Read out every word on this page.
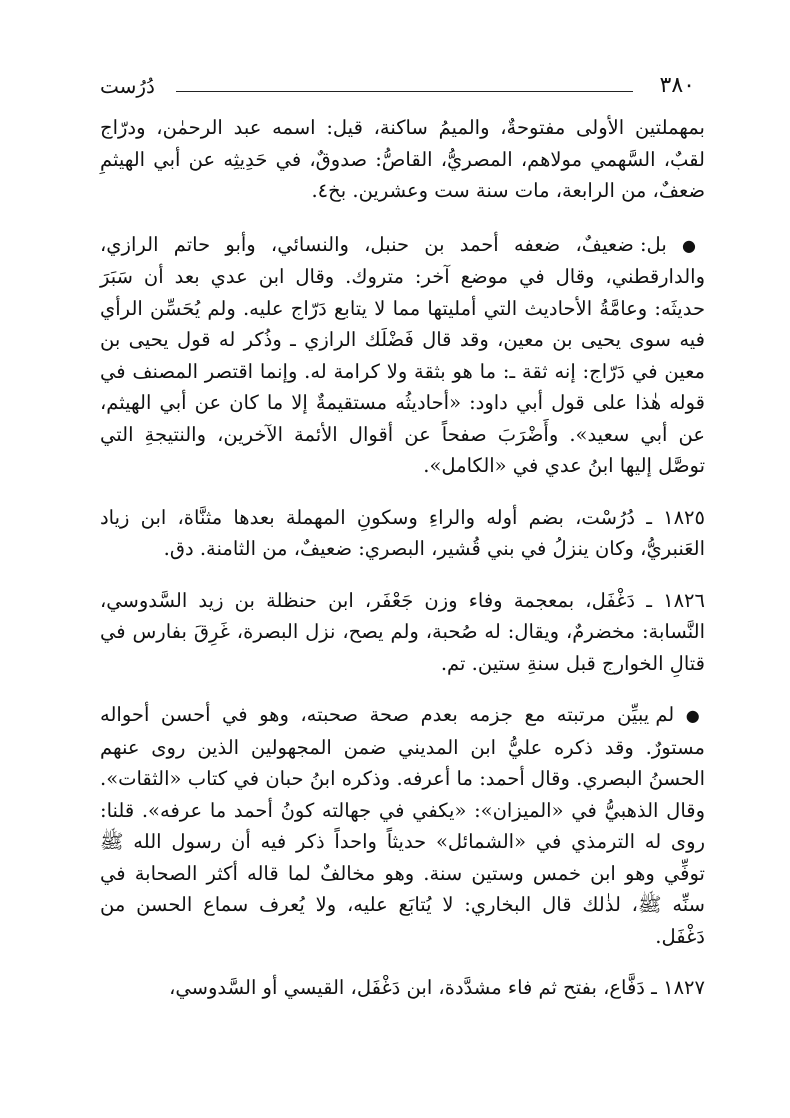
٣٨٠
دُرُست

بمهملتين الأولى مفتوحةٌ، والميمُ ساكنة، قيل: اسمه عبد الرحمٰن، ودرّاج لقبٌ، السَّهمي مولاهم، المصريُّ، القاصُّ: صدوقٌ، في حَدِيثِه عن أبي الهيثمِ ضعفٌ، من الرابعة، مات سنة ست وعشرين. بخ٤.

● بل: ضعيفٌ، ضعفه أحمد بن حنبل، والنسائي، وأبو حاتم الرازي، والدارقطني، وقال في موضع آخر: متروك. وقال ابن عدي بعد أن سَبَرَ حديثَه: وعامَّةُ الأحاديث التي أمليتها مما لا يتابع دَرّاج عليه. ولم يُحَسِّن الرأي فيه سوى يحيى بن معين، وقد قال فَضْلَك الرازي ـ وذُكر له قول يحيى بن معين في دَرّاج: إنه ثقة ـ: ما هو بثقة ولا كرامة له. وإنما اقتصر المصنف في قوله هٰذا على قول أبي داود: «أحاديثُه مستقيمةٌ إلا ما كان عن أبي الهيثم، عن أبي سعيد». وأَضْرَبَ صفحاً عن أقوال الأئمة الآخرين، والنتيجةِ التي توصَّل إليها ابنُ عدي في «الكامل».

١٨٢٥ ـ دُرُسْت، بضم أوله والراءِ وسكونِ المهملة بعدها مثنَّاة، ابن زياد العَنبريُّ، وكان ينزلُ في بني قُشير، البصري: ضعيفٌ، من الثامنة. دق.

١٨٢٦ ـ دَغْفَل، بمعجمة وفاء وزن جَعْفَر، ابن حنظلة بن زيد السَّدوسي، النَّسابة: مخضرمٌ، ويقال: له صُحبة، ولم يصح، نزل البصرة، غَرِقَ بفارس في قتالِ الخوارج قبل سنةِ ستين. تم.

● لم يبيِّن مرتبته مع جزمه بعدم صحة صحبته، وهو في أحسن أحواله مستورٌ. وقد ذكره عليُّ ابن المديني ضمن المجهولين الذين روى عنهم الحسنُ البصري. وقال أحمد: ما أعرفه. وذكره ابنُ حبان في كتاب «الثقات». وقال الذهبيُّ في «الميزان»: «يكفي في جهالته كونُ أحمد ما عرفه». قلنا: روى له الترمذي في «الشمائل» حديثاً واحداً ذكر فيه أن رسول الله ﷺ توفِّي وهو ابن خمس وستين سنة. وهو مخالفٌ لما قاله أكثر الصحابة في سنِّه ﷺ، لذٰلك قال البخاري: لا يُتابَع عليه، ولا يُعرف سماع الحسن من دَغْفَل.

١٨٢٧ ـ دَفَّاع، بفتح ثم فاء مشدَّدة، ابن دَغْفَل، القيسي أو السَّدوسي،
